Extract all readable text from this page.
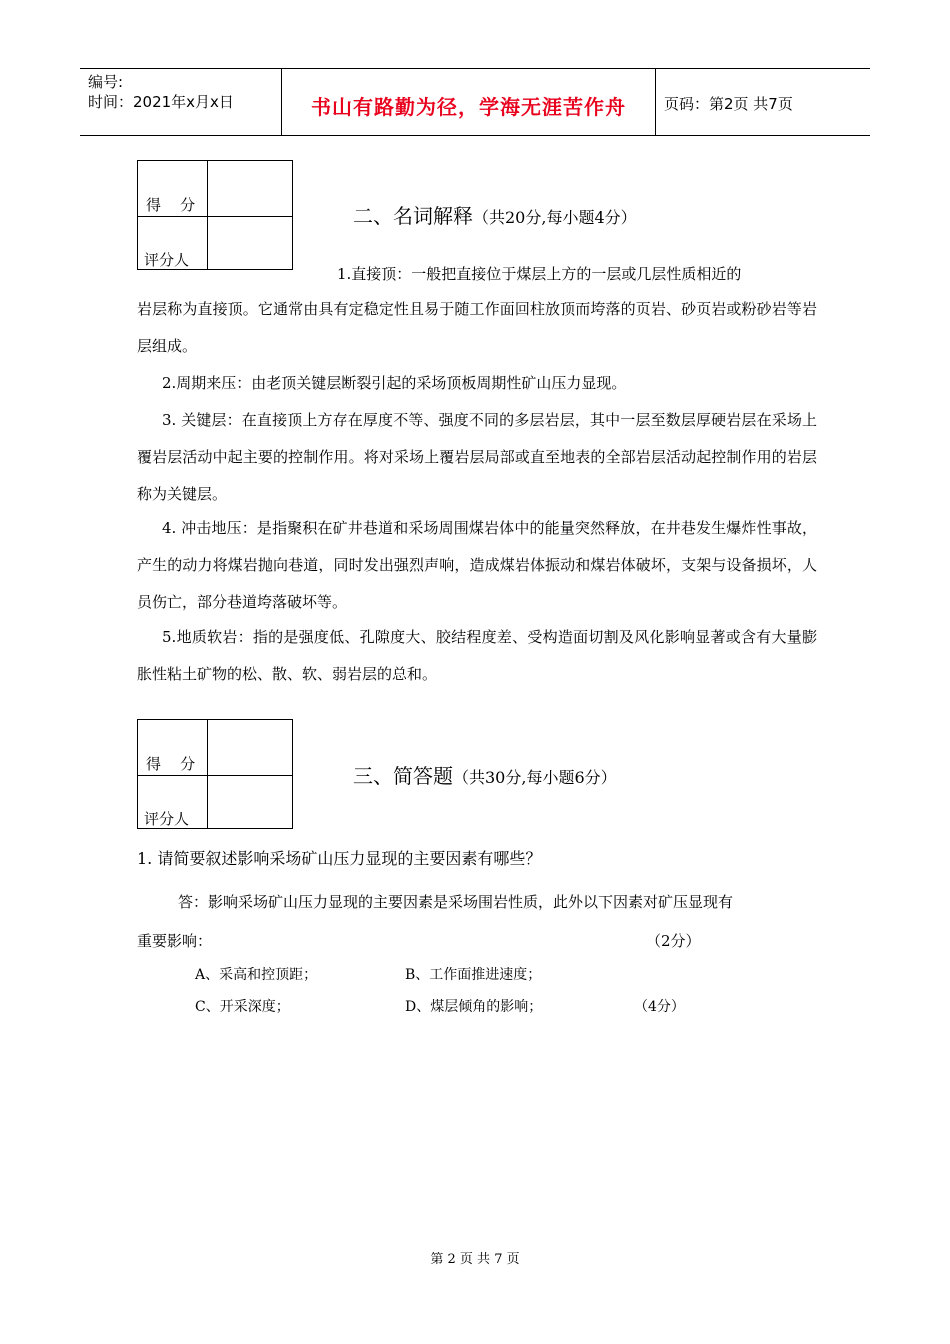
编号:
时间：2021年x月x日	书山有路勤为径，学海无涯苦作舟	页码：第2页 共7页
得    分
评分人
二、名词解释（共20分,每小题4分）
1.直接顶：一般把直接位于煤层上方的一层或几层性质相近的
岩层称为直接顶。它通常由具有定稳定性且易于随工作面回柱放顶而垮落的页岩、砂页岩或粉砂岩等岩层组成。
2.周期来压：由老顶关键层断裂引起的采场顶板周期性矿山压力显现。
3. 关键层：在直接顶上方存在厚度不等、强度不同的多层岩层，其中一层至数层厚硬岩层在采场上覆岩层活动中起主要的控制作用。将对采场上覆岩层局部或直至地表的全部岩层活动起控制作用的岩层称为关键层。
4. 冲击地压：是指聚积在矿井巷道和采场周围煤岩体中的能量突然释放，在井巷发生爆炸性事故，产生的动力将煤岩抛向巷道，同时发出强烈声响，造成煤岩体振动和煤岩体破坏，支架与设备损坏，人员伤亡，部分巷道垮落破坏等。
5.地质软岩：指的是强度低、孔隙度大、胶结程度差、受构造面切割及风化影响显著或含有大量膨胀性粘土矿物的松、散、软、弱岩层的总和。
得    分
评分人
三、简答题（共30分,每小题6分）
1. 请简要叙述影响采场矿山压力显现的主要因素有哪些？
答：影响采场矿山压力显现的主要因素是采场围岩性质，此外以下因素对矿压显现有
重要影响：	（2分）
A、采高和控顶距；	B、工作面推进速度；
C、开采深度；	D、煤层倾角的影响；	（4分）
第 2 页 共 7 页
